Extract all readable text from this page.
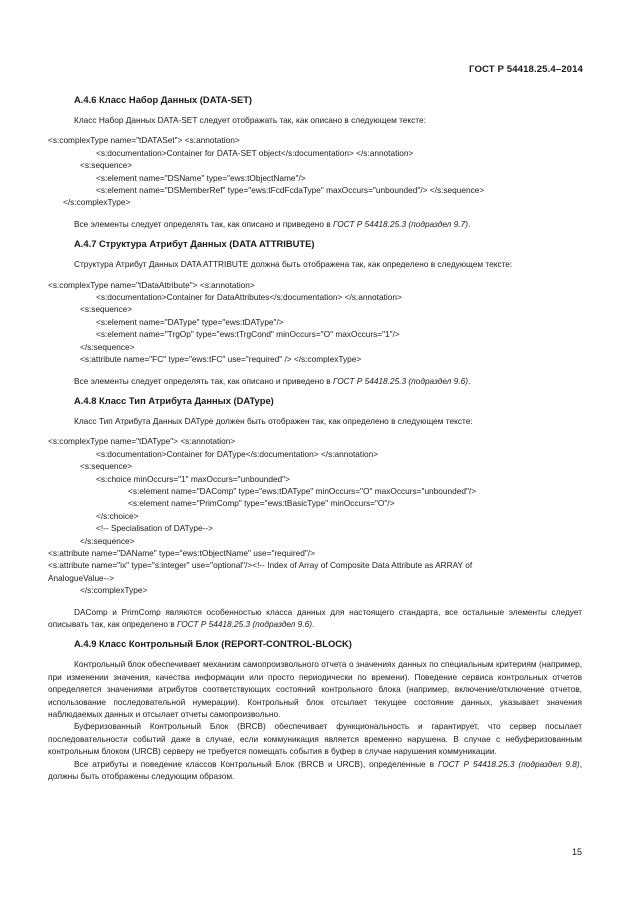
ГОСТ Р 54418.25.4–2014
А.4.6 Класс Набор Данных (DATA-SET)

Класс Набор Данных DATA-SET следует отображать так, как описано в следующем тексте:

<s:complexType name="tDATASet"> <s:annotation>
<s:documentation>Container for DATA-SET object</s:documentation> </s:annotation>
<s:sequence>
<s:element name="DSName" type="ews:tObjectName"/>
<s:element name="DSMemberRef" type="ews:tFcdFcdaType" maxOccurs="unbounded"/> </s:sequence>
</s:complexType>

Все элементы следует определять так, как описано и приведено в ГОСТ Р 54418.25.3 (подраздел 9.7).

А.4.7 Структура Атрибут Данных (DATA ATTRIBUTE)

Структура Атрибут Данных DATA ATTRIBUTE должна быть отображена так, как определено в следующем тексте:

<s:complexType name="tDataAttribute"> <s:annotation>
<s:documentation>Container for DataAttributes</s:documentation> </s:annotation>
<s:sequence>
<s:element name="DAType" type="ews:tDAType"/>
<s:element name="TrgOp" type="ews:tTrgCond" minOccurs="O" maxOccurs="1"/>
</s:sequence>
<s:attribute name="FC" type="ews:tFC" use="required" /> </s:complexType>

Все элементы следует определять так, как описано и приведено в ГОСТ Р 54418.25.3 (подраздел 9.6).

А.4.8 Класс Тип Атрибута Данных (DAType)

Класс Тип Атрибута Данных DAType должен быть отображен так, как определено в следующем тексте:

<s:complexType name="tDAType"> <s:annotation>
<s:documentation>Container for DAType</s:documentation> </s:annotation>
<s:sequence>
<s:choice minOccurs="1" maxOccurs="unbounded">
<s:element name="DAComp" type="ews:tDAType" minOccurs="O" maxOccurs="unbounded"/>
<s:element name="PrimComp" type="ews:tBasicType" minOccurs="O"/>
</s:choice>
<!-- Specialisation of DAType-->
</s:sequence>
<s:attribute name="DAName" type="ews:tObjectName" use="required"/>
<s:attribute name="ix" type="s:integer" use="optional"/><!-- Index of Array of Composite Data Attribute as ARRAY of
AnalogueValue-->
</s:complexType>

DAComp и PrimComp являются особенностью класса данных для настоящего стандарта, все остальные элементы следует описывать так, как определено в ГОСТ Р 54418.25.3 (подраздел 9.6).

А.4.9 Класс Контрольный Блок (REPORT-CONTROL-BLOCK)

Контрольный блок обеспечивает механизм самопроизвольного отчета о значениях данных по специальным критериям (например, при изменении значения, качества информации или просто периодически по времени). Поведение сервиса контрольных отчетов определяется значениями атрибутов соответствующих состояний контрольного блока (например, включение/отключение отчетов, использование последовательной нумерации). Контрольный блок отсылает текущее состояние данных, указывает значения наблюдаемых данных и отсылает отчеты самопроизвольно.

Буферизованный Контрольный Блок (BRCB) обеспечивает функциональность и гарантирует, что сервер посылает последовательности событий даже в случае, если коммуникация является временно нарушена. В случае с небуферизованным контрольным блоком (URCB) серверу не требуется помещать события в буфер в случае нарушения коммуникации.

Все атрибуты и поведение классов Контрольный Блок (BRCB и URCB), определенные в ГОСТ Р 54418.25.3 (подраздел 9.8), должны быть отображены следующим образом.

15
